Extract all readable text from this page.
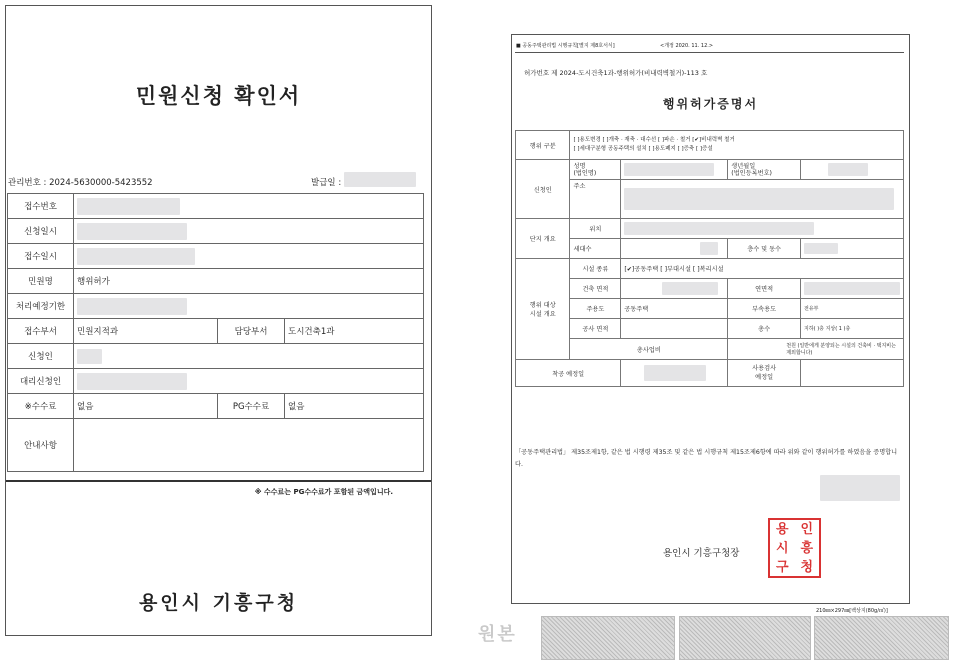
민원신청 확인서
관리번호 : 2024-5630000-5423552	발급일 :
접수번호			

신청일시			

접수일시			

민원명	행위허가		
처리예정기한			

접수부서	민원지적과	담당부서	도시건축1과
신청인			

대리신청인			

※수수료	없음	PG수수료	없음
안내사항			
※ 수수료는 PG수수료가 포함된 금액입니다.
용인시 기흥구청
■ 공동주택관리법 시행규칙[별지 제8호서식]	<개정 2020. 11. 12.>
허가번호 제 2024-도시건축1과-행위허가(비내력벽철거)-113 호
행위허가증명서
행위 구분	[ ]용도변경 [ ]개축 · 재축 · 대수선 [ ]파손 · 철거 [✔]비내력벽 철거
[ ]세대구분형 공동주택의 설치 [ ]용도폐지 [ ]증축 [ ]증설			

신청인	성명
(법인명)		생년월일
(법인등록번호)	

	주소			

단지 개요	위치			

	세대수		층수 및 동수	

행위 대상
시설 개요	시설 종류	[✔]공동주택 [ ]부대시설 [ ]복리시설		
	건축 면적		연면적	

	주용도	공동주택	부속용도	전유부
	공사 면적		총수	지하( )층 지상( 1 )층
	총사업비		천원 (일반에게 분양되는 시설의 건축비 · 택지비는 제외합니다)	
착공 예정일			사용검사
예정일	
「공동주택관리법」 제35조제1항, 같은 법 시행령 제35조 및 같은 법 시행규칙 제15조제6항에 따라 위와 같이 행위허가를 하였음을 증명합니다.
용인시 기흥구청장
용 인
시 흥
구 청
210㎜×297㎜[백상지(80g/㎡)]
원본
